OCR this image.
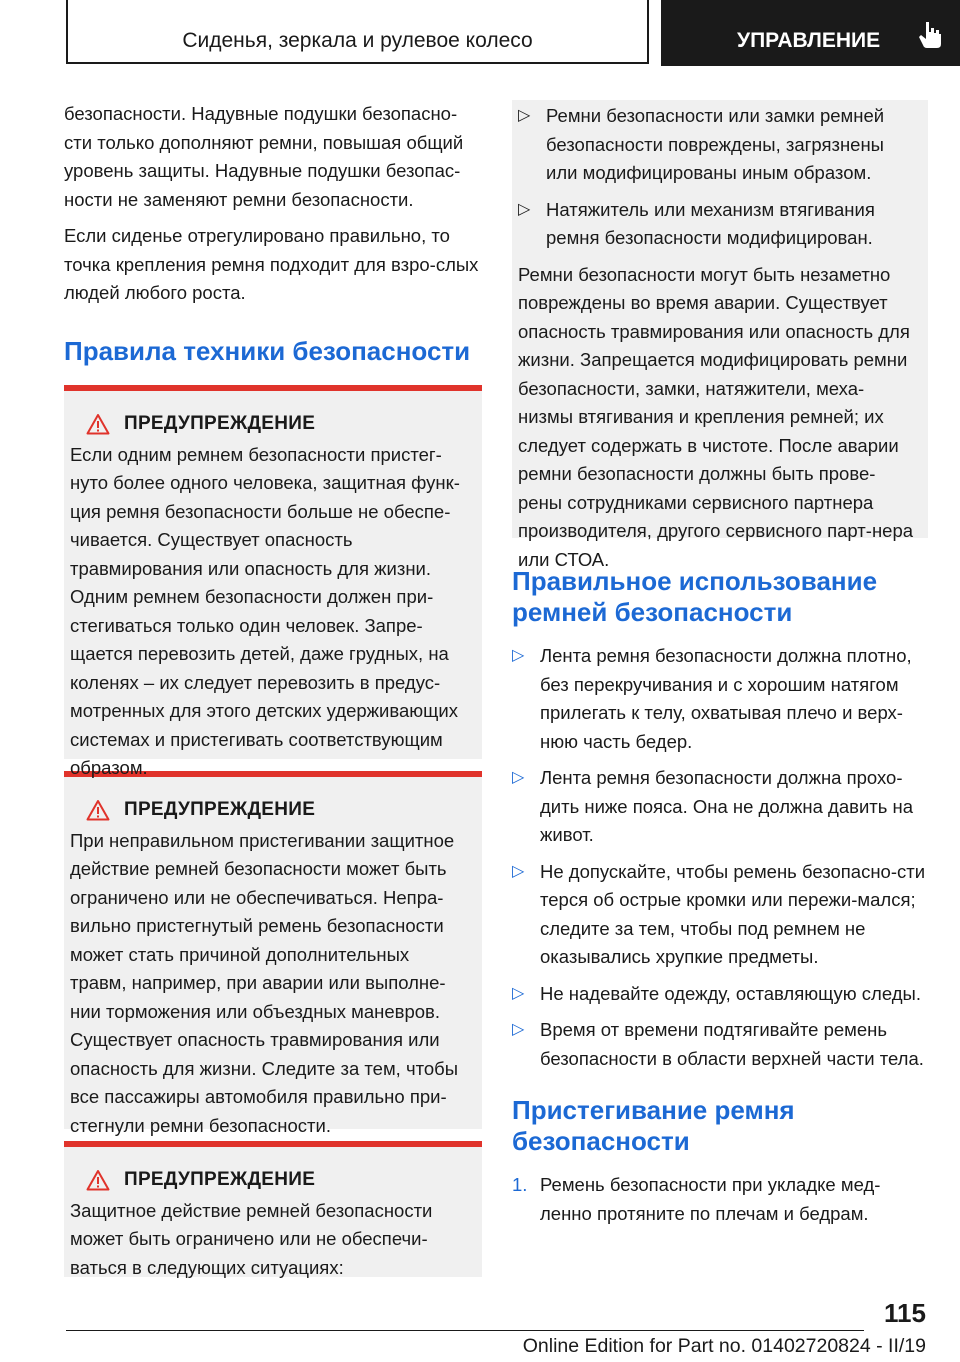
Сиденья, зеркала и рулевое колесо	УПРАВЛЕНИЕ

безопасности. Надувные подушки безопасно-сти только дополняют ремни, повышая общий уровень защиты. Надувные подушки безопас-ности не заменяют ремни безопасности.

Если сиденье отрегулировано правильно, то точка крепления ремня подходит для взро-слых людей любого роста.

Правила техники безопасности
ПРЕДУПРЕЖДЕНИЕ

Если одним ремнем безопасности пристег-нуто более одного человека, защитная функ-ция ремня безопасности больше не обеспе-чивается. Существует опасность травмирования или опасность для жизни. Одним ремнем безопасности должен при-стегиваться только один человек. Запре-щается перевозить детей, даже грудных, на коленях – их следует перевозить в предус-мотренных для этого детских удерживающих системах и пристегивать соответствующим образом.

ПРЕДУПРЕЖДЕНИЕ

При неправильном пристегивании защитное действие ремней безопасности может быть ограничено или не обеспечиваться. Непра-вильно пристегнутый ремень безопасности может стать причиной дополнительных травм, например, при аварии или выполне-нии торможения или объездных маневров. Существует опасность травмирования или опасность для жизни. Следите за тем, чтобы все пассажиры автомобиля правильно при-стегнули ремни безопасности.

ПРЕДУПРЕЖДЕНИЕ

Защитное действие ремней безопасности может быть ограничено или не обеспечи-ваться в следующих ситуациях:

▷ Ремни безопасности или замки ремней безопасности повреждены, загрязнены или модифицированы иным образом.
▷ Натяжитель или механизм втягивания ремня безопасности модифицирован.

Ремни безопасности могут быть незаметно повреждены во время аварии. Существует опасность травмирования или опасность для жизни. Запрещается модифицировать ремни безопасности, замки, натяжители, меха-низмы втягивания и крепления ремней; их следует содержать в чистоте. После аварии ремни безопасности должны быть прове-рены сотрудниками сервисного партнера производителя, другого сервисного парт-нера или СТОА.

Правильное использование ремней безопасности
▷ Лента ремня безопасности должна плотно, без перекручивания и с хорошим натягом прилегать к телу, охватывая плечо и верх-нюю часть бедер.
▷ Лента ремня безопасности должна прохо-дить ниже пояса. Она не должна давить на живот.
▷ Не допускайте, чтобы ремень безопасно-сти терся об острые кромки или пережи-мался; следите за тем, чтобы под ремнем не оказывались хрупкие предметы.
▷ Не надевайте одежду, оставляющую следы.
▷ Время от времени подтягивайте ремень безопасности в области верхней части тела.
Пристегивание ремня безопасности
1. Ремень безопасности при укладке мед-ленно протяните по плечам и бедрам.
115
Online Edition for Part no. 01402720824 - II/19
